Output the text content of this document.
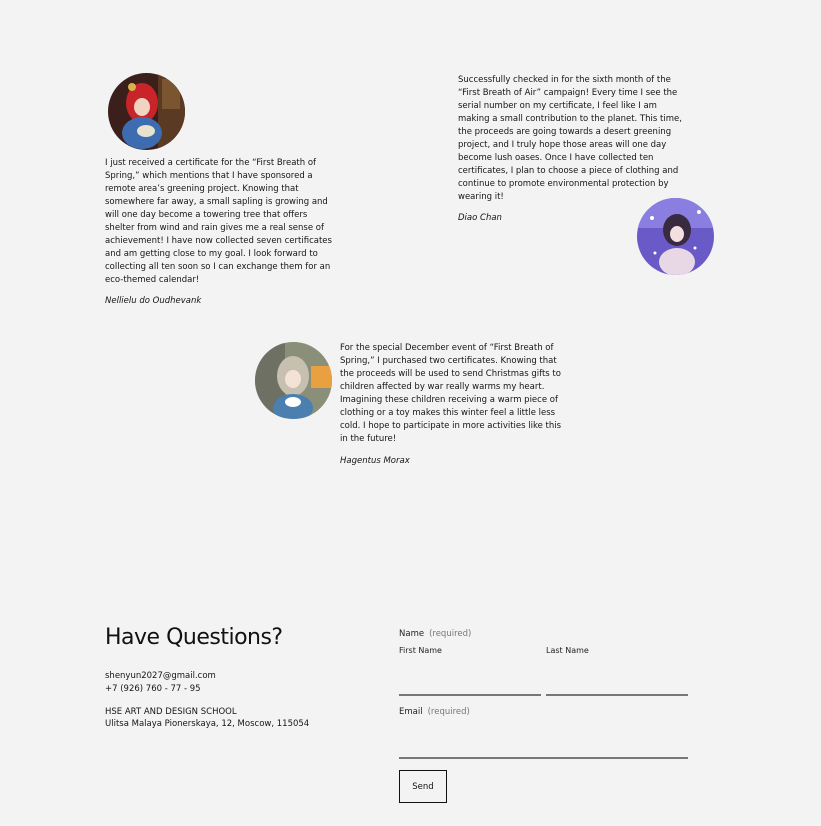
I just received a certificate for the “First Breath of Spring,” which mentions that I have sponsored a remote area’s greening project. Knowing that somewhere far away, a small sapling is growing and will one day become a towering tree that offers shelter from wind and rain gives me a real sense of achievement! I have now collected seven certificates and am getting close to my goal. I look forward to collecting all ten soon so I can exchange them for an eco-themed calendar!

Nellielu do Oudhevank

Successfully checked in for the sixth month of the “First Breath of Air” campaign! Every time I see the serial number on my certificate, I feel like I am making a small contribution to the planet. This time, the proceeds are going towards a desert greening project, and I truly hope those areas will one day become lush oases. Once I have collected ten certificates, I plan to choose a piece of clothing and continue to promote environmental protection by wearing it!

Diao Chan

For the special December event of “First Breath of Spring,” I purchased two certificates. Knowing that the proceeds will be used to send Christmas gifts to children affected by war really warms my heart. Imagining these children receiving a warm piece of clothing or a toy makes this winter feel a little less cold. I hope to participate in more activities like this in the future!

Hagentus Morax

Have Questions?

shenyun2027@gmail.com

+7 (926) 760 - 77 - 95

HSE ART AND DESIGN SCHOOL

Ulitsa Malaya Pionerskaya, 12, Moscow, 115054

Name (required)
First Name	Last Name
Email (required)
Send
